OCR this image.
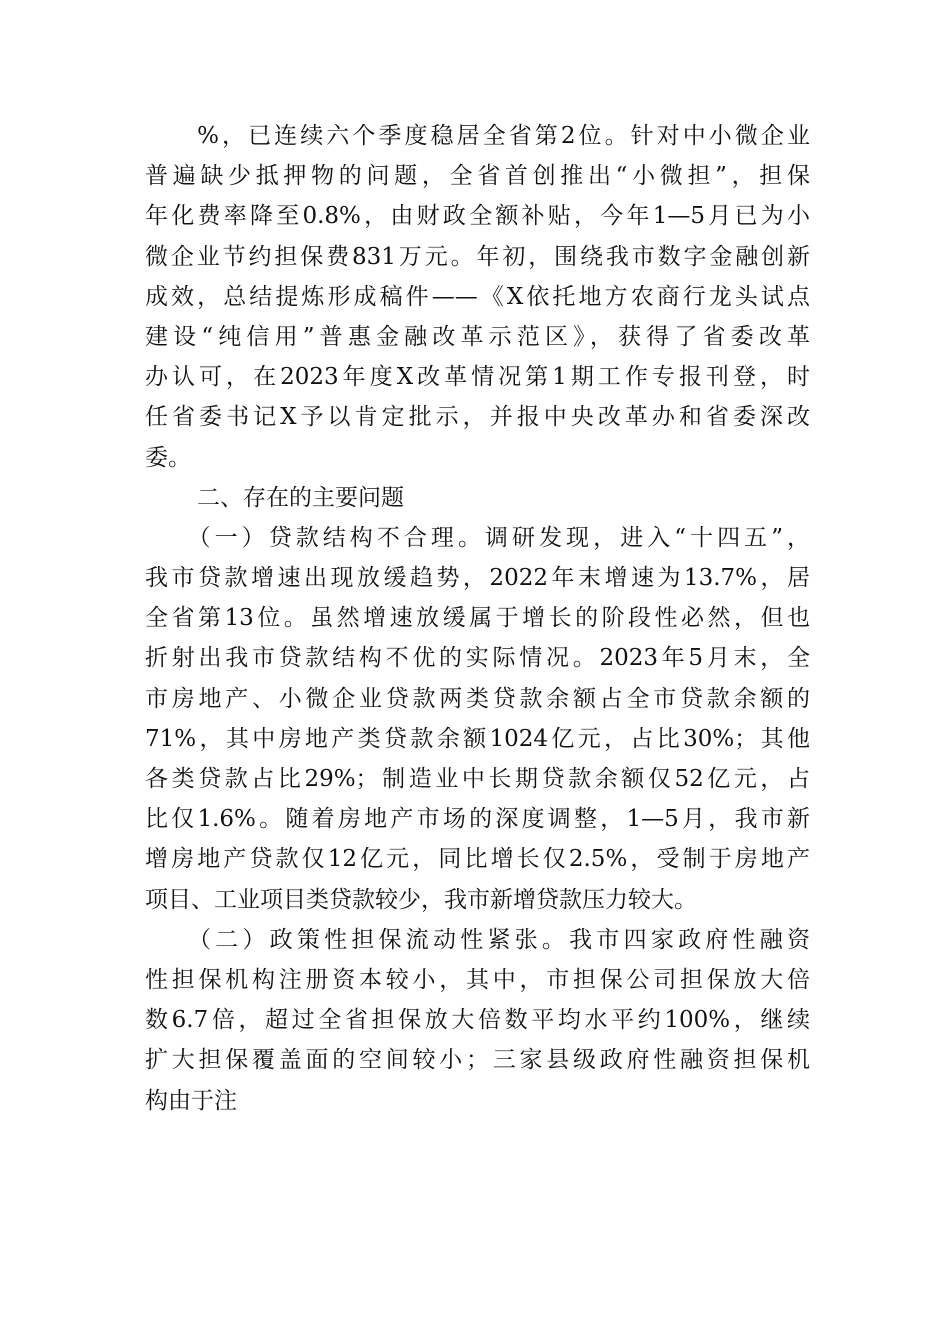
　　%，已连续六个季度稳居全省第2位。针对中小微企业
普遍缺少抵押物的问题，全省首创推出“小微担”，担保
年化费率降至0.8%，由财政全额补贴，今年1—5月已为小
微企业节约担保费831万元。年初，围绕我市数字金融创新
成效，总结提炼形成稿件——《X依托地方农商行龙头试点
建设“纯信用”普惠金融改革示范区》，获得了省委改革
办认可，在2023年度X改革情况第1期工作专报刊登，时
任省委书记X予以肯定批示，并报中央改革办和省委深改
委。
二、存在的主要问题
　　（一）贷款结构不合理。调研发现，进入“十四五”，
我市贷款增速出现放缓趋势，2022年末增速为13.7%，居
全省第13位。虽然增速放缓属于增长的阶段性必然，但也
折射出我市贷款结构不优的实际情况。2023年5月末，全
市房地产、小微企业贷款两类贷款余额占全市贷款余额的
71%，其中房地产类贷款余额1024亿元，占比30%；其他
各类贷款占比29%；制造业中长期贷款余额仅52亿元，占
比仅1.6%。随着房地产市场的深度调整，1—5月，我市新
增房地产贷款仅12亿元，同比增长仅2.5%，受制于房地产
项目、工业项目类贷款较少，我市新增贷款压力较大。
　　（二）政策性担保流动性紧张。我市四家政府性融资
性担保机构注册资本较小，其中，市担保公司担保放大倍
数6.7倍，超过全省担保放大倍数平均水平约100%，继续
扩大担保覆盖面的空间较小；三家县级政府性融资担保机
构由于注
